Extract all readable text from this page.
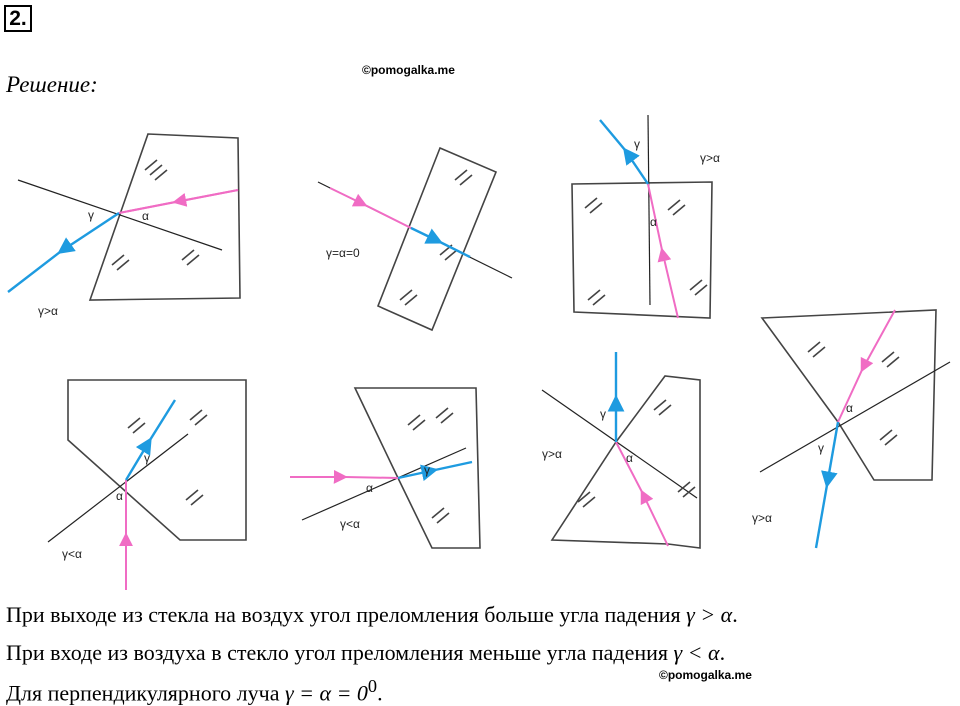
2.
©pomogalka.me
Решение:
γ	α
γ>α
γ=α=0
γ
α
γ>α
γ
α
γ<α
γ
α
γ<α
γ
α
γ>α
α
γ
γ>α
При выходе из стекла на воздух угол преломления больше угла падения γ > α.
При входе из воздуха в стекло угол преломления меньше угла падения γ < α.
Для перпендикулярного луча $\gamma = \alpha = 0^0$.
©pomogalka.me
